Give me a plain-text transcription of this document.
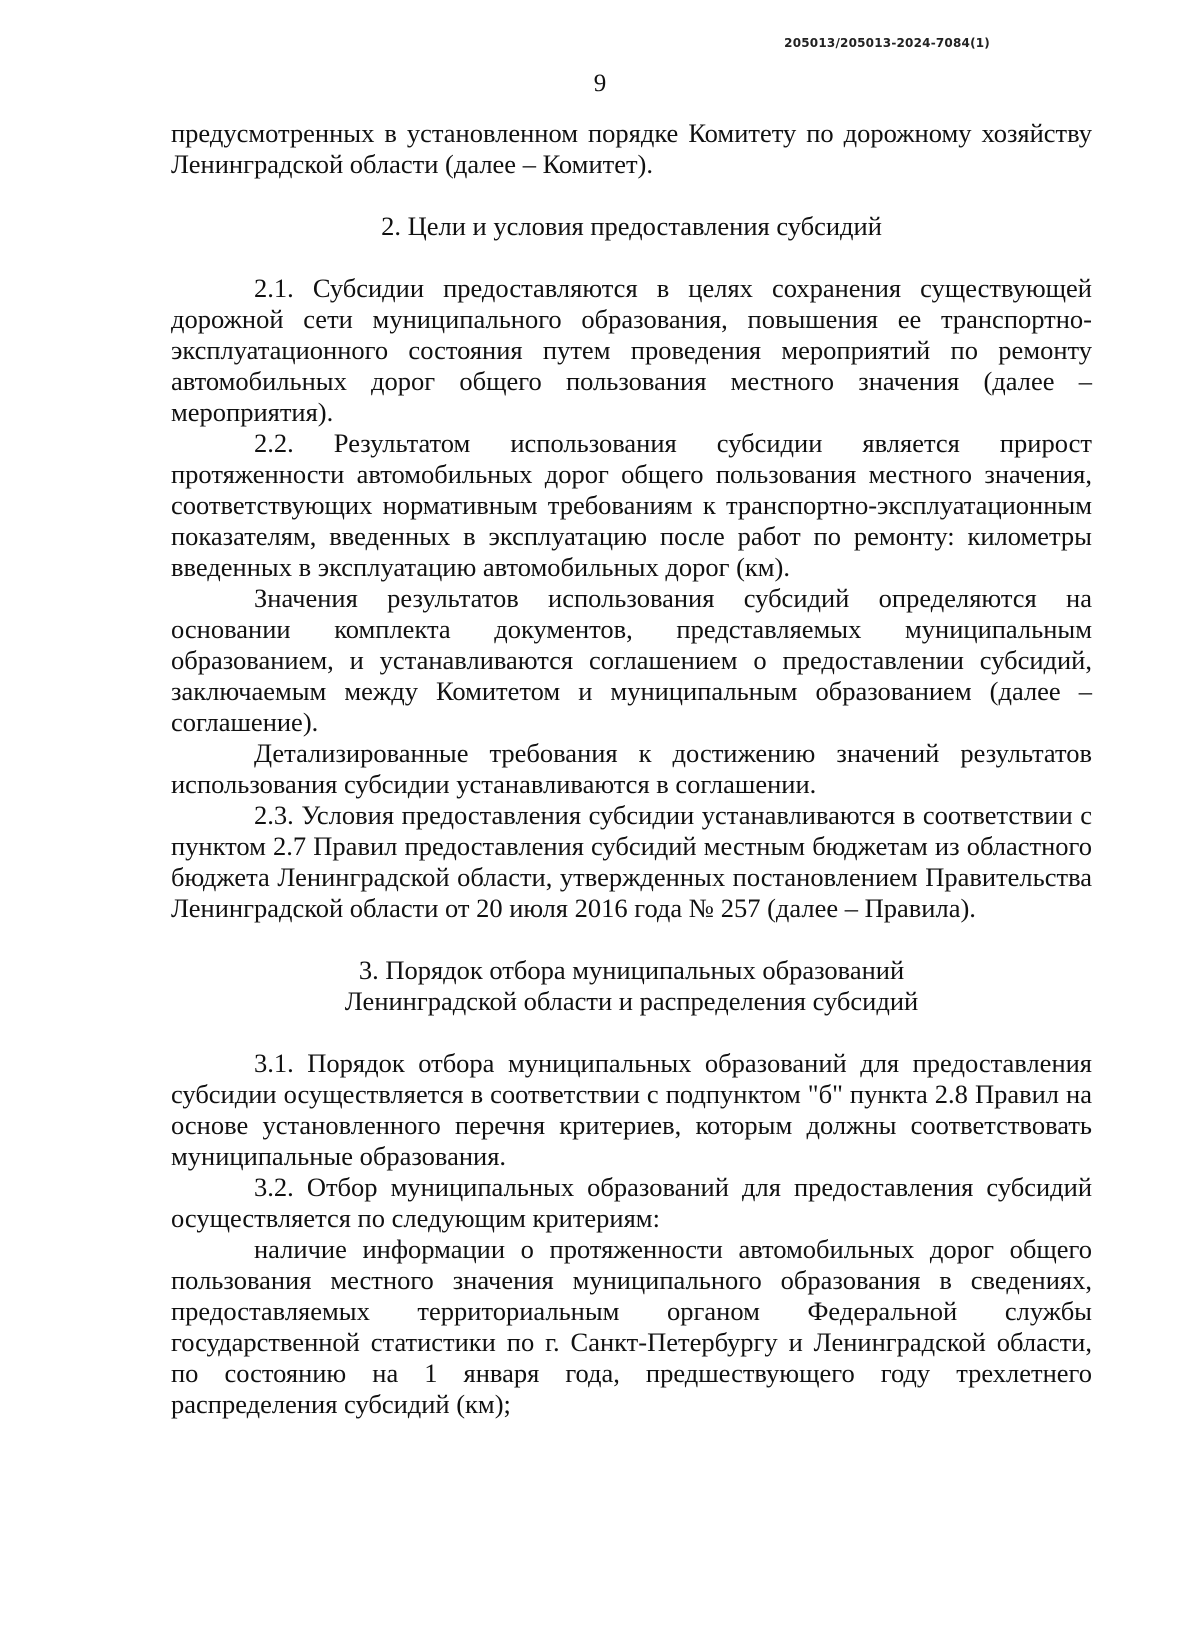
205013/205013-2024-7084(1)
9

предусмотренных в установленном порядке Комитету по дорожному хозяйству Ленинградской области (далее – Комитет).

2. Цели и условия предоставления субсидий

2.1. Субсидии предоставляются в целях сохранения существующей дорожной сети муниципального образования, повышения ее транспортно-эксплуатационного состояния путем проведения мероприятий по ремонту автомобильных дорог общего пользования местного значения (далее – мероприятия).

2.2. Результатом использования субсидии является прирост протяженности автомобильных дорог общего пользования местного значения, соответствующих нормативным требованиям к транспортно-эксплуатационным показателям, введенных в эксплуатацию после работ по ремонту: километры введенных в эксплуатацию автомобильных дорог (км).

Значения результатов использования субсидий определяются на основании комплекта документов, представляемых муниципальным образованием, и устанавливаются соглашением о предоставлении субсидий, заключаемым между Комитетом и муниципальным образованием (далее – соглашение).

Детализированные требования к достижению значений результатов использования субсидии устанавливаются в соглашении.

2.3. Условия предоставления субсидии устанавливаются в соответствии с пунктом 2.7 Правил предоставления субсидий местным бюджетам из областного бюджета Ленинградской области, утвержденных постановлением Правительства Ленинградской области от 20 июля 2016 года № 257 (далее – Правила).

3. Порядок отбора муниципальных образований

Ленинградской области и распределения субсидий

3.1. Порядок отбора муниципальных образований для предоставления субсидии осуществляется в соответствии с подпунктом "б" пункта 2.8 Правил на основе установленного перечня критериев, которым должны соответствовать муниципальные образования.

3.2. Отбор муниципальных образований для предоставления субсидий осуществляется по следующим критериям:

наличие информации о протяженности автомобильных дорог общего пользования местного значения муниципального образования в сведениях, предоставляемых территориальным органом Федеральной службы государственной статистики по г. Санкт-Петербургу и Ленинградской области, по состоянию на 1 января года, предшествующего году трехлетнего распределения субсидий (км);
